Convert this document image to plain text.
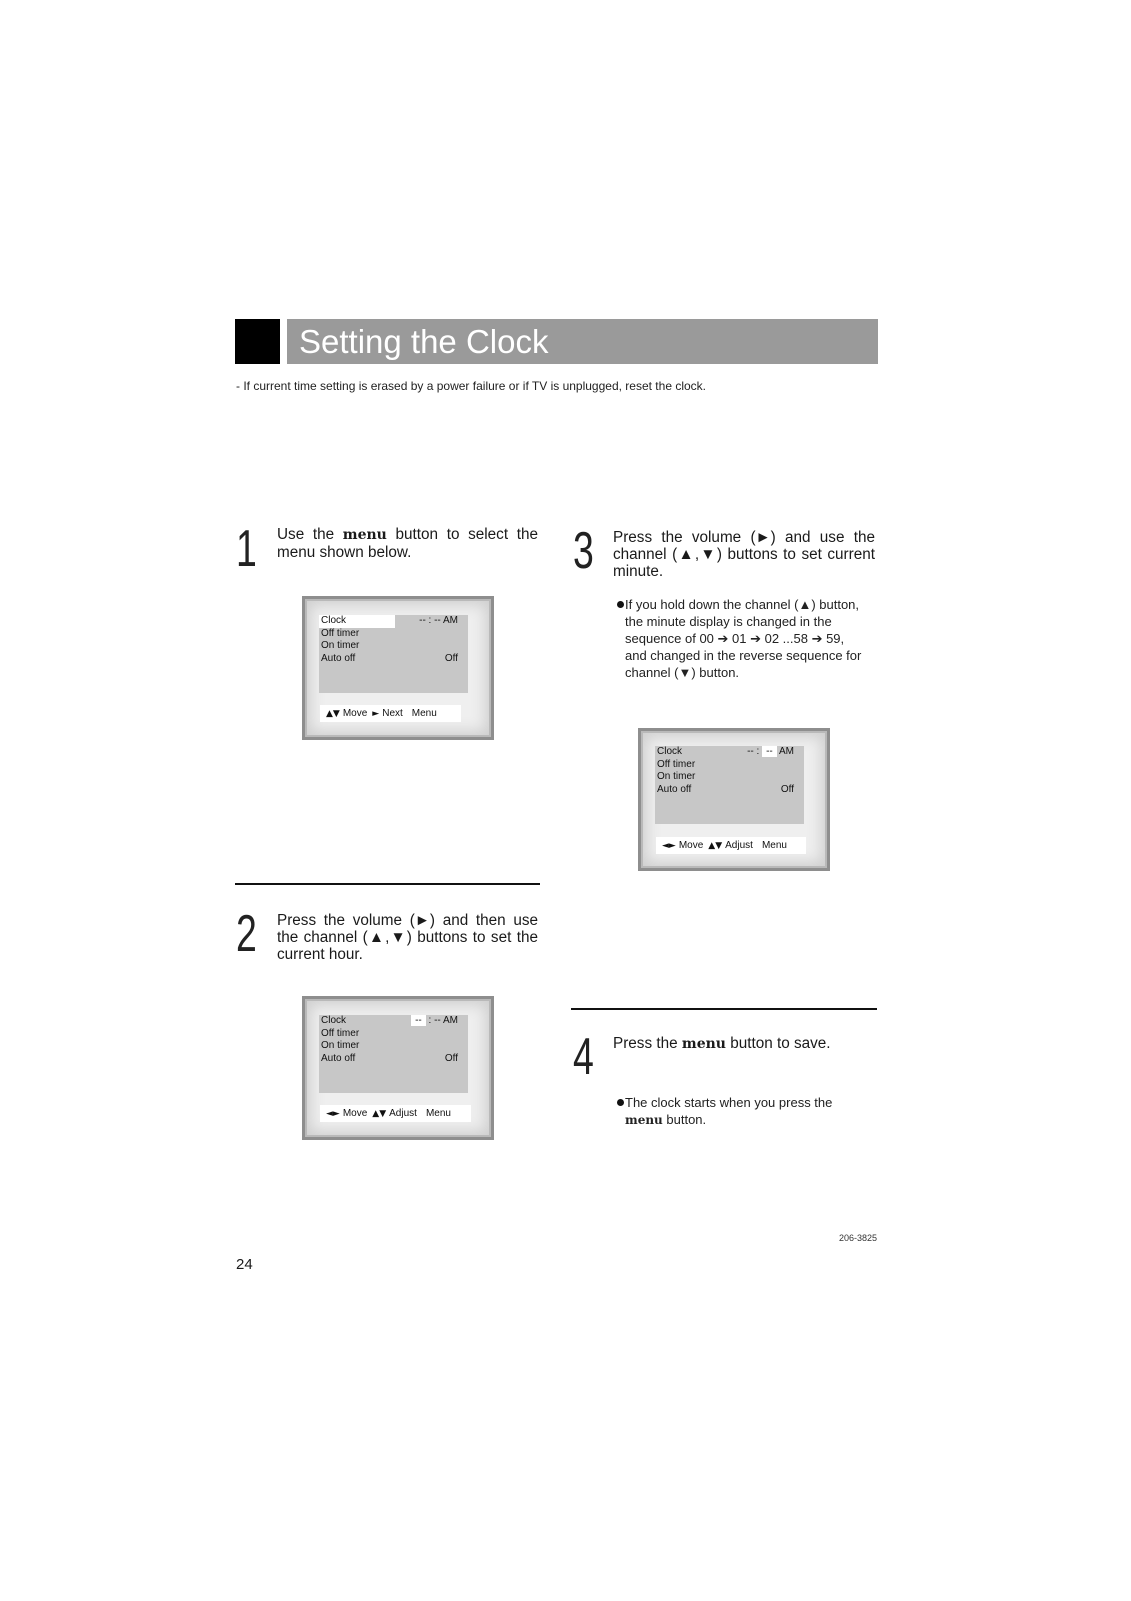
Setting the Clock
- If current time setting is erased by a power failure or if TV is unplugged, reset the clock.
1 Use the menu button to select the
menu shown below.
Clock	-- : -- AM
Off timer
On timer
Auto off	Off
▲▼ Move ► Next Menu
2 Press the volume (►) and then use
the channel (▲,▼) buttons to set the
current hour.
Clock	-- : -- AM
Off timer
On timer
Auto off	Off
◄► Move ▲▼ Adjust Menu
3 Press the volume (►) and use the
channel (▲,▼) buttons to set current
minute.
If you hold down the channel (▲) button,
the minute display is changed in the
sequence of 00 ➔ 01 ➔ 02 ...58 ➔ 59,
and changed in the reverse sequence for
channel (▼) button.
Clock	-- : -- AM
Off timer
On timer
Auto off	Off
◄► Move ▲▼ Adjust Menu
4 Press the menu button to save.
The clock starts when you press the
menu button.
206-3825
24
